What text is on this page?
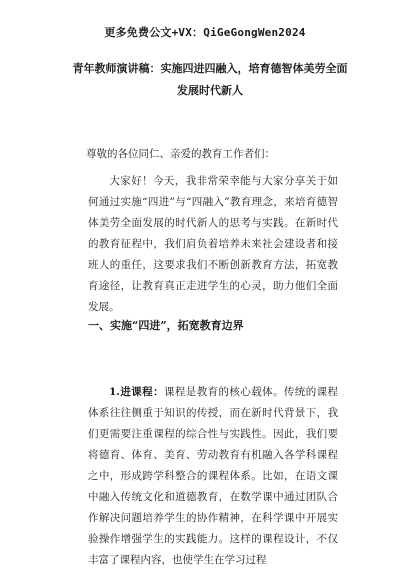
更多免费公文+VX：QiGeGongWen2024
青年教师演讲稿：实施四进四融入，培育德智体美劳全面
发展时代新人
尊敬的各位同仁、亲爱的教育工作者们：
大家好！今天，我非常荣幸能与大家分享关于如何通过实施“四进”与“四融入”教育理念，来培育德智体美劳全面发展的时代新人的思考与实践。在新时代的教育征程中，我们肩负着培养未来社会建设者和接班人的重任，这要求我们不断创新教育方法，拓宽教育途径，让教育真正走进学生的心灵，助力他们全面发展。
一、实施“四进”，拓宽教育边界
1.进课程：课程是教育的核心载体。传统的课程体系往往侧重于知识的传授，而在新时代背景下，我们更需要注重课程的综合性与实践性。因此，我们要将德育、体育、美育、劳动教育有机融入各学科课程之中，形成跨学科整合的课程体系。比如，在语文课中融入传统文化和道德教育，在数学课中通过团队合作解决问题培养学生的协作精神，在科学课中开展实验操作增强学生的实践能力。这样的课程设计，不仅丰富了课程内容，也使学生在学习过程
